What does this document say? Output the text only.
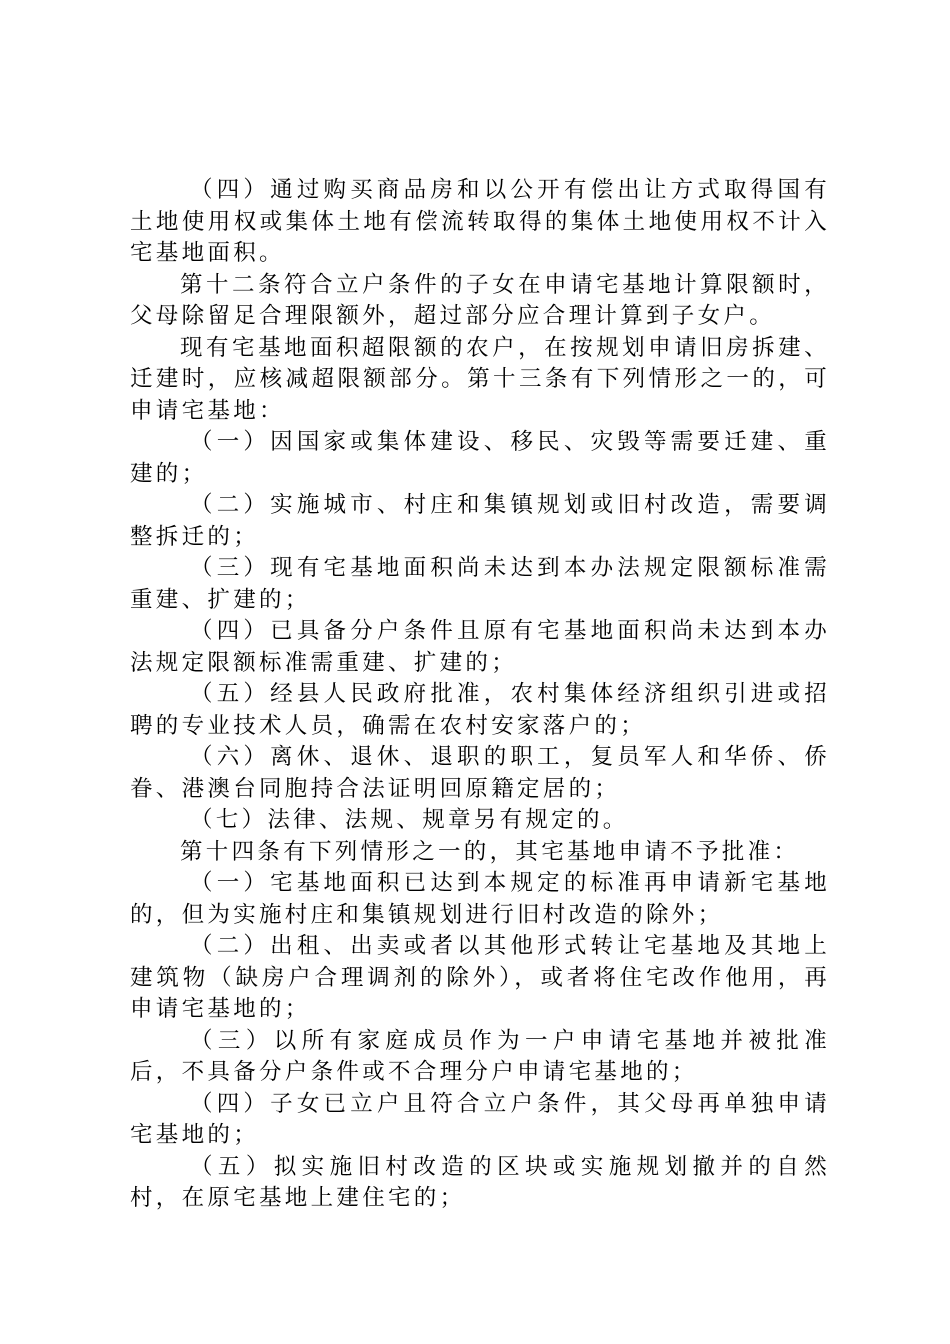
（四）通过购买商品房和以公开有偿出让方式取得国有土地使用权或集体土地有偿流转取得的集体土地使用权不计入宅基地面积。

第十二条符合立户条件的子女在申请宅基地计算限额时，父母除留足合理限额外，超过部分应合理计算到子女户。

现有宅基地面积超限额的农户，在按规划申请旧房拆建、迁建时，应核减超限额部分。第十三条有下列情形之一的，可申请宅基地：

（一）因国家或集体建设、移民、灾毁等需要迁建、重建的；

（二）实施城市、村庄和集镇规划或旧村改造，需要调整拆迁的；

（三）现有宅基地面积尚未达到本办法规定限额标准需重建、扩建的；

（四）已具备分户条件且原有宅基地面积尚未达到本办法规定限额标准需重建、扩建的；

（五）经县人民政府批准，农村集体经济组织引进或招聘的专业技术人员，确需在农村安家落户的；

（六）离休、退休、退职的职工，复员军人和华侨、侨眷、港澳台同胞持合法证明回原籍定居的；

（七）法律、法规、规章另有规定的。

第十四条有下列情形之一的，其宅基地申请不予批准：

（一）宅基地面积已达到本规定的标准再申请新宅基地的，但为实施村庄和集镇规划进行旧村改造的除外；

（二）出租、出卖或者以其他形式转让宅基地及其地上建筑物（缺房户合理调剂的除外），或者将住宅改作他用，再申请宅基地的；

（三）以所有家庭成员作为一户申请宅基地并被批准后，不具备分户条件或不合理分户申请宅基地的；

（四）子女已立户且符合立户条件，其父母再单独申请宅基地的；

（五）拟实施旧村改造的区块或实施规划撤并的自然村，在原宅基地上建住宅的；
